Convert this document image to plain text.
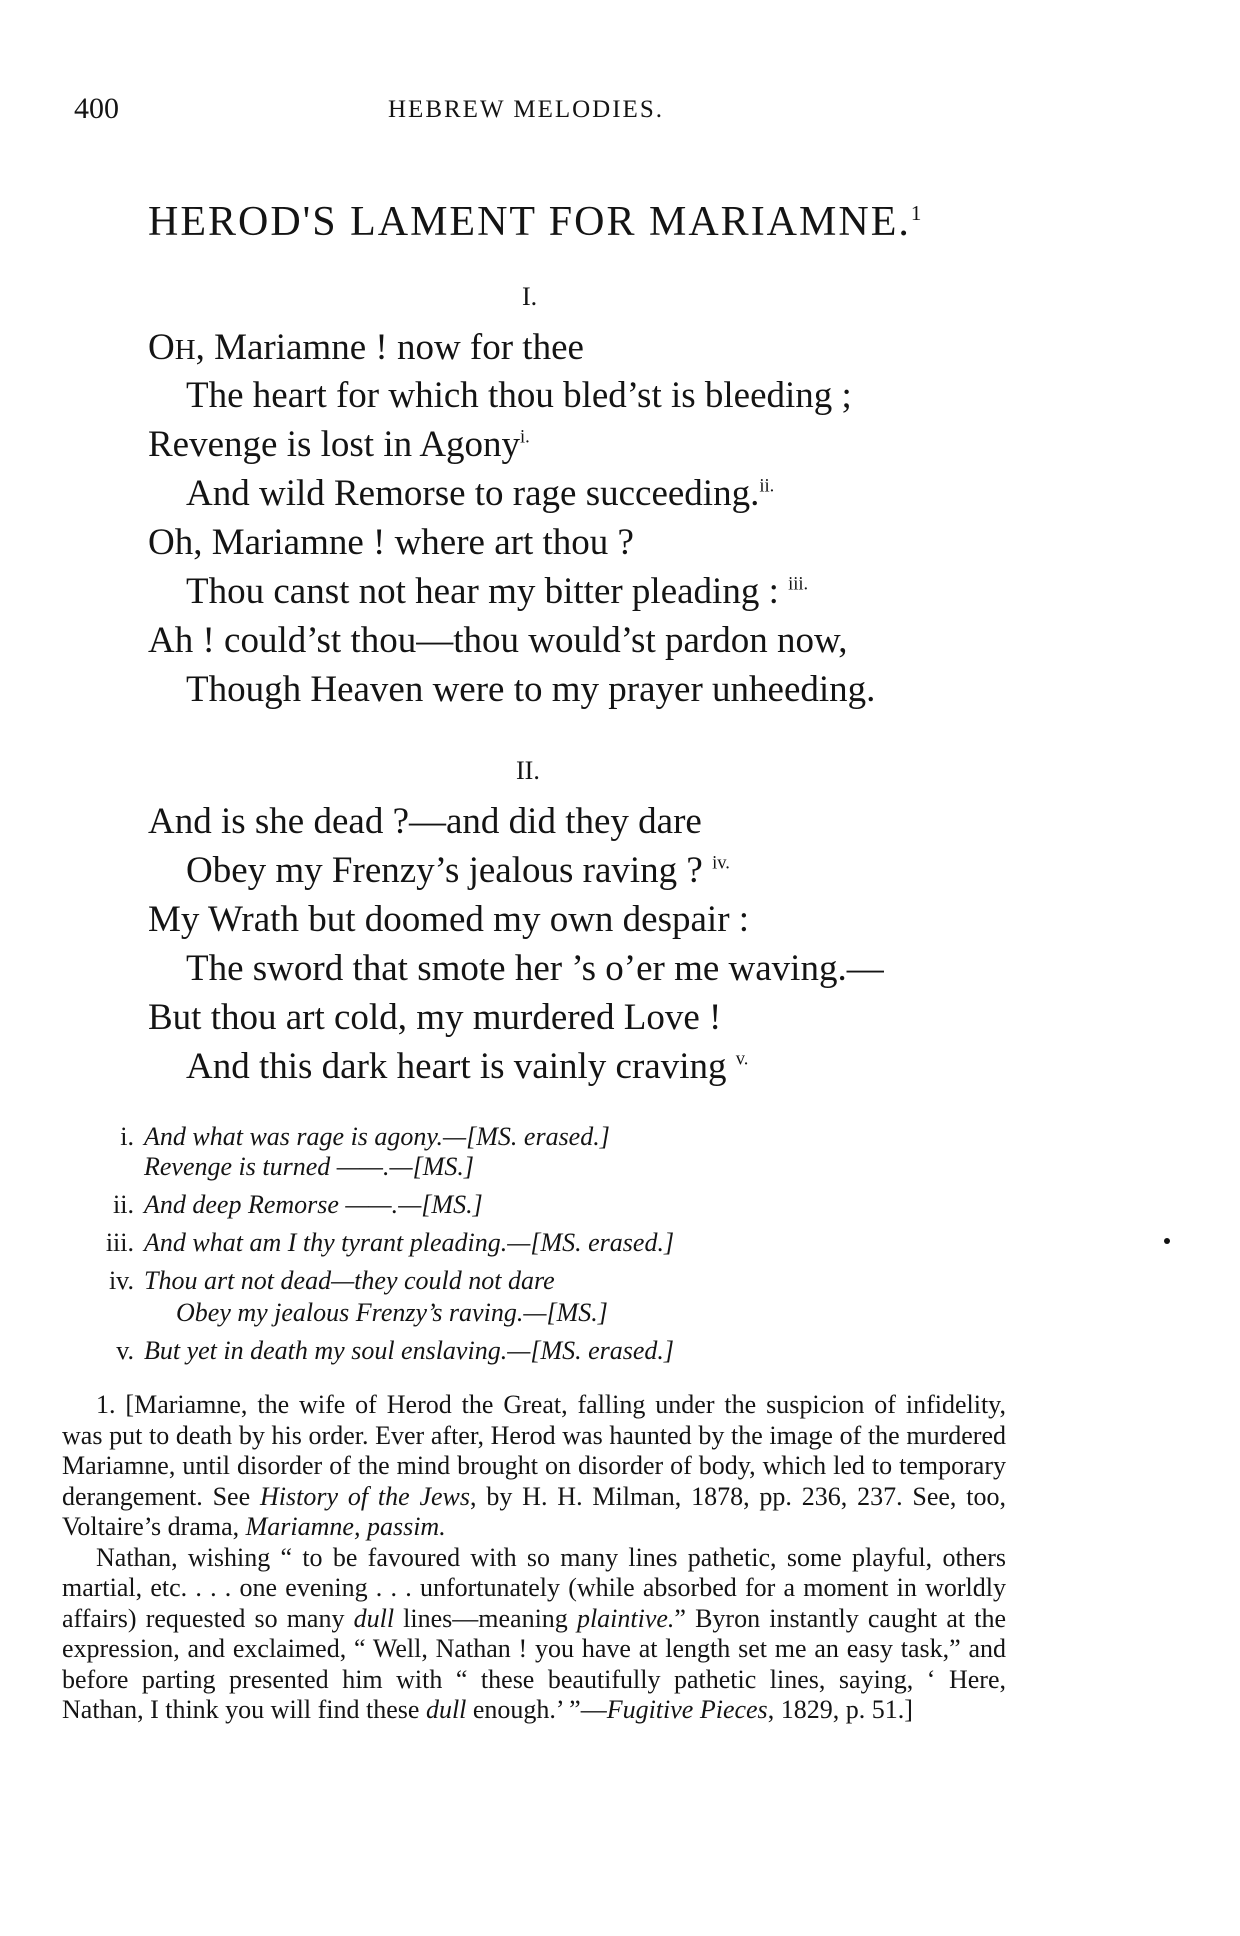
400	HEBREW MELODIES.
HEROD'S LAMENT FOR MARIAMNE.$^1$
I.
OH, Mariamne ! now for thee
The heart for which thou bled’st is bleeding ;
Revenge is lost in Agony$^{i.}$
And wild Remorse to rage succeeding.$^{ii.}$
Oh, Mariamne ! where art thou ?
Thou canst not hear my bitter pleading : $^{iii.}$
Ah ! could’st thou—thou would’st pardon now,
Though Heaven were to my prayer unheeding.
II.
And is she dead ?—and did they dare
Obey my Frenzy’s jealous raving ? $^{iv.}$
My Wrath but doomed my own despair :
The sword that smote her ’s o’er me waving.—
But thou art cold, my murdered Love !
And this dark heart is vainly craving $^{v.}$
i. And what was rage is agony.—[MS. erased.]
Revenge is turned ——.—[MS.]
ii. And deep Remorse ——.—[MS.]
iii. And what am I thy tyrant pleading.—[MS. erased.]
iv. Thou art not dead—they could not dare
Obey my jealous Frenzy’s raving.—[MS.]
v. But yet in death my soul enslaving.—[MS. erased.]

1. [Mariamne, the wife of Herod the Great, falling under the suspicion of infidelity, was put to death by his order. Ever after, Herod was haunted by the image of the murdered Mariamne, until disorder of the mind brought on disorder of body, which led to temporary derangement. See History of the Jews, by H. H. Milman, 1878, pp. 236, 237. See, too, Voltaire’s drama, Mariamne, passim.

Nathan, wishing “ to be favoured with so many lines pathetic, some playful, others martial, etc. . . . one evening . . . unfortunately (while absorbed for a moment in worldly affairs) requested so many dull lines—meaning plaintive.” Byron instantly caught at the expression, and exclaimed, “ Well, Nathan ! you have at length set me an easy task,” and before parting presented him with “ these beautifully pathetic lines, saying, ‘ Here, Nathan, I think you will find these dull enough.’ ”—Fugitive Pieces, 1829, p. 51.]
